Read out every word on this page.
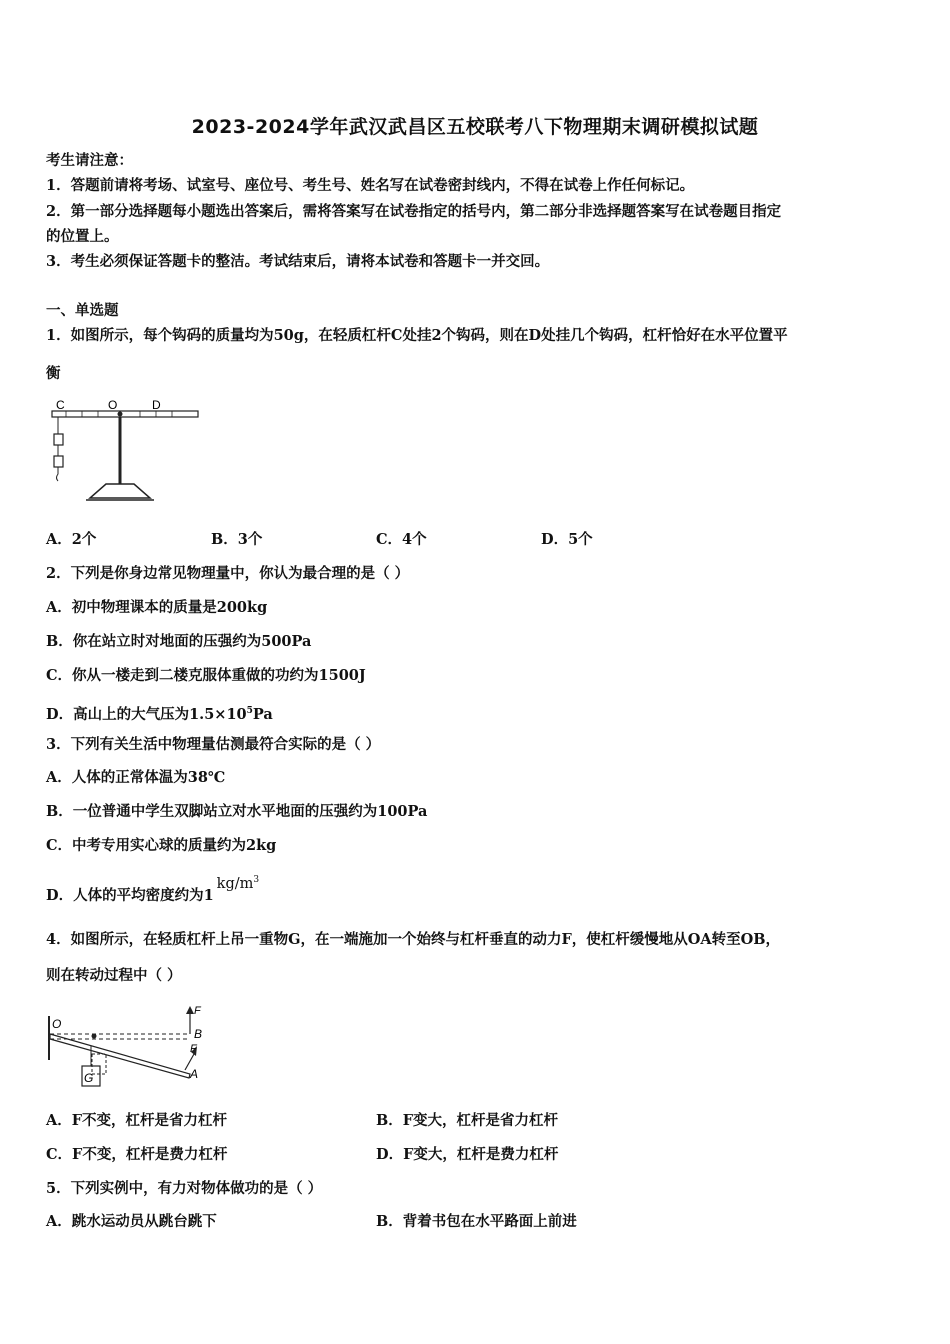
2023-2024学年武汉武昌区五校联考八下物理期末调研模拟试题
考生请注意：
1．答题前请将考场、试室号、座位号、考生号、姓名写在试卷密封线内，不得在试卷上作任何标记。
2．第一部分选择题每小题选出答案后，需将答案写在试卷指定的括号内，第二部分非选择题答案写在试卷题目指定
的位置上。
3．考生必须保证答题卡的整洁。考试结束后，请将本试卷和答题卡一并交回。
一、单选题
1．如图所示，每个钩码的质量均为50g，在轻质杠杆C处挂2个钩码，则在D处挂几个钩码，杠杆恰好在水平位置平
衡
C	O	D
A．2个	B．3个	C．4个	D．5个
2．下列是你身边常见物理量中，你认为最合理的是（ ）
A．初中物理课本的质量是200kg
B．你在站立时对地面的压强约为500Pa
C．你从一楼走到二楼克服体重做的功约为1500J
D．高山上的大气压为$1.5\times 10^5Pa$
3．下列有关生活中物理量估测最符合实际的是（ ）
A．人体的正常体温为38℃
B．一位普通中学生双脚站立对水平地面的压强约为100Pa
C．中考专用实心球的质量约为2kg
D．人体的平均密度约为$1kg/m^3$
4．如图所示，在轻质杠杆上吊一重物G，在一端施加一个始终与杠杆垂直的动力F，使杠杆缓慢地从OA转至OB，
则在转动过程中（ ）
O
F
B
F
A
G
A．F不变，杠杆是省力杠杆	B．F变大，杠杆是省力杠杆
C．F不变，杠杆是费力杠杆	D．F变大，杠杆是费力杠杆
5．下列实例中，有力对物体做功的是（ ）
A．跳水运动员从跳台跳下	B．背着书包在水平路面上前进
